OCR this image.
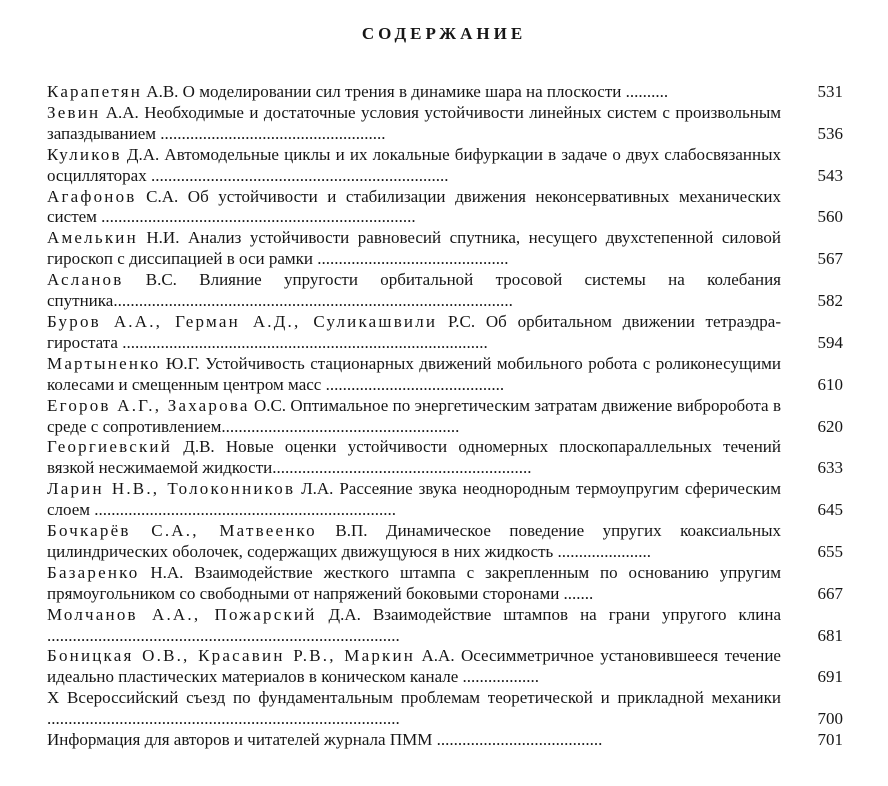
СОДЕРЖАНИЕ
Карапетян А.В. О моделировании сил трения в динамике шара на плоскости ..........	531
Зевин А.А. Необходимые и достаточные условия устойчивости линейных систем с произвольным запаздыванием .....................................................	536
Куликов Д.А. Автомодельные циклы и их локальные бифуркации в задаче о двух слабосвязанных осцилляторах ......................................................................	543
Агафонов С.А. Об устойчивости и стабилизации движения неконсервативных механических систем ..........................................................................	560
Амелькин Н.И. Анализ устойчивости равновесий спутника, несущего двухстепенной силовой гироскоп с диссипацией в оси рамки .............................................	567
Асланов В.С. Влияние упругости орбитальной тросовой системы на колебания спутника..............................................................................................	582
Буров А.А., Герман А.Д., Суликашвили Р.С. Об орбитальном движении тетраэдра-гиростата ......................................................................................	594
Мартыненко Ю.Г. Устойчивость стационарных движений мобильного робота с роликонесущими колесами и смещенным центром масс ..........................................	610
Егоров А.Г., Захарова О.С. Оптимальное по энергетическим затратам движение виброробота в среде с сопротивлением........................................................	620
Георгиевский Д.В. Новые оценки устойчивости одномерных плоскопараллельных течений вязкой несжимаемой жидкости.............................................................	633
Ларин Н.В., Толоконников Л.А. Рассеяние звука неоднородным термоупругим сферическим слоем .......................................................................	645
Бочкарёв С.А., Матвеенко В.П. Динамическое поведение упругих коаксиальных цилиндрических оболочек, содержащих движущуюся в них жидкость ......................	655
Базаренко Н.А. Взаимодействие жесткого штампа с закрепленным по основанию упругим прямоугольником со свободными от напряжений боковыми сторонами .......	667
Молчанов А.А., Пожарский Д.А. Взаимодействие штампов на грани упругого клина ...................................................................................	681
Боницкая О.В., Красавин Р.В., Маркин А.А. Осесимметричное установившееся течение идеально пластических материалов в коническом канале ..................	691
X Всероссийский съезд по фундаментальным проблемам теоретической и прикладной механики ...................................................................................	700
Информация для авторов и читателей журнала ПММ .......................................	701
